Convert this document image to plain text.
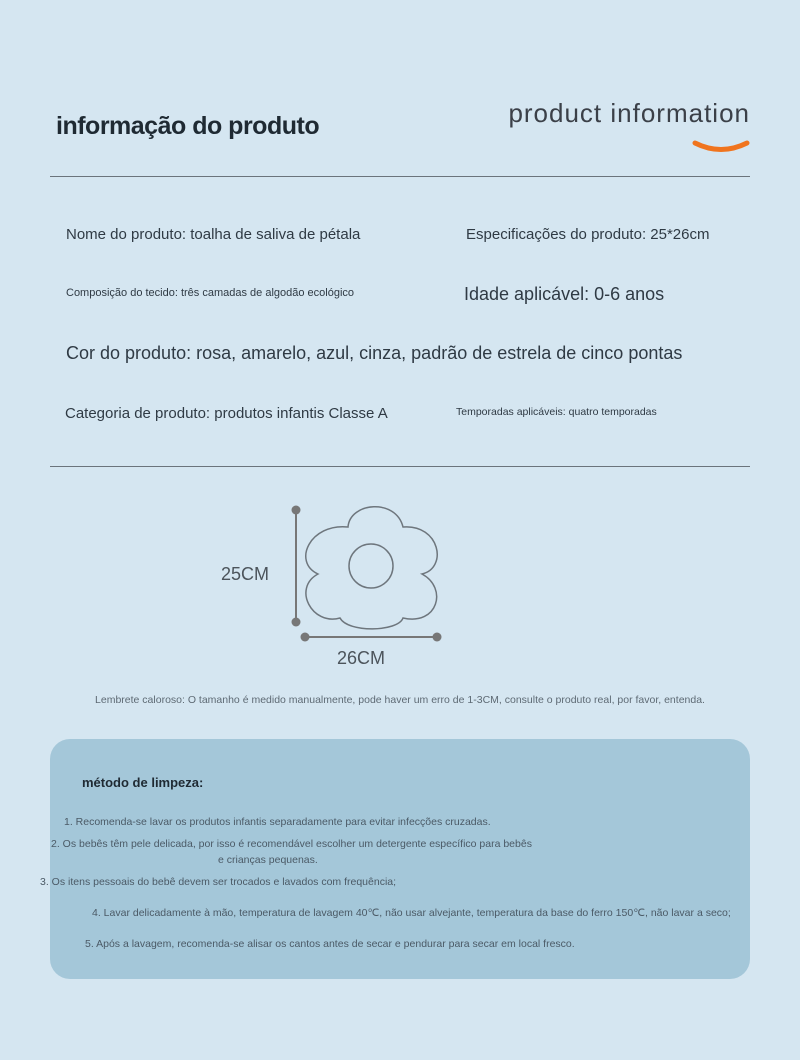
informação do produto	product information
Nome do produto: toalha de saliva de pétala	Especificações do produto: 25*26cm
Composição do tecido: três camadas de algodão ecológico	Idade aplicável: 0-6 anos
Cor do produto: rosa, amarelo, azul, cinza, padrão de estrela de cinco pontas
Categoria de produto: produtos infantis Classe A	Temporadas aplicáveis: quatro temporadas
25CM
26CM
Lembrete caloroso: O tamanho é medido manualmente, pode haver um erro de 1-3CM, consulte o produto real, por favor, entenda.
método de limpeza:
1. Recomenda-se lavar os produtos infantis separadamente para evitar infecções cruzadas.
2. Os bebês têm pele delicada, por isso é recomendável escolher um detergente específico para bebês
e crianças pequenas.
3. Os itens pessoais do bebê devem ser trocados e lavados com frequência;
4. Lavar delicadamente à mão, temperatura de lavagem 40℃, não usar alvejante, temperatura da base do ferro 150℃, não lavar a seco;
5. Após a lavagem, recomenda-se alisar os cantos antes de secar e pendurar para secar em local fresco.
